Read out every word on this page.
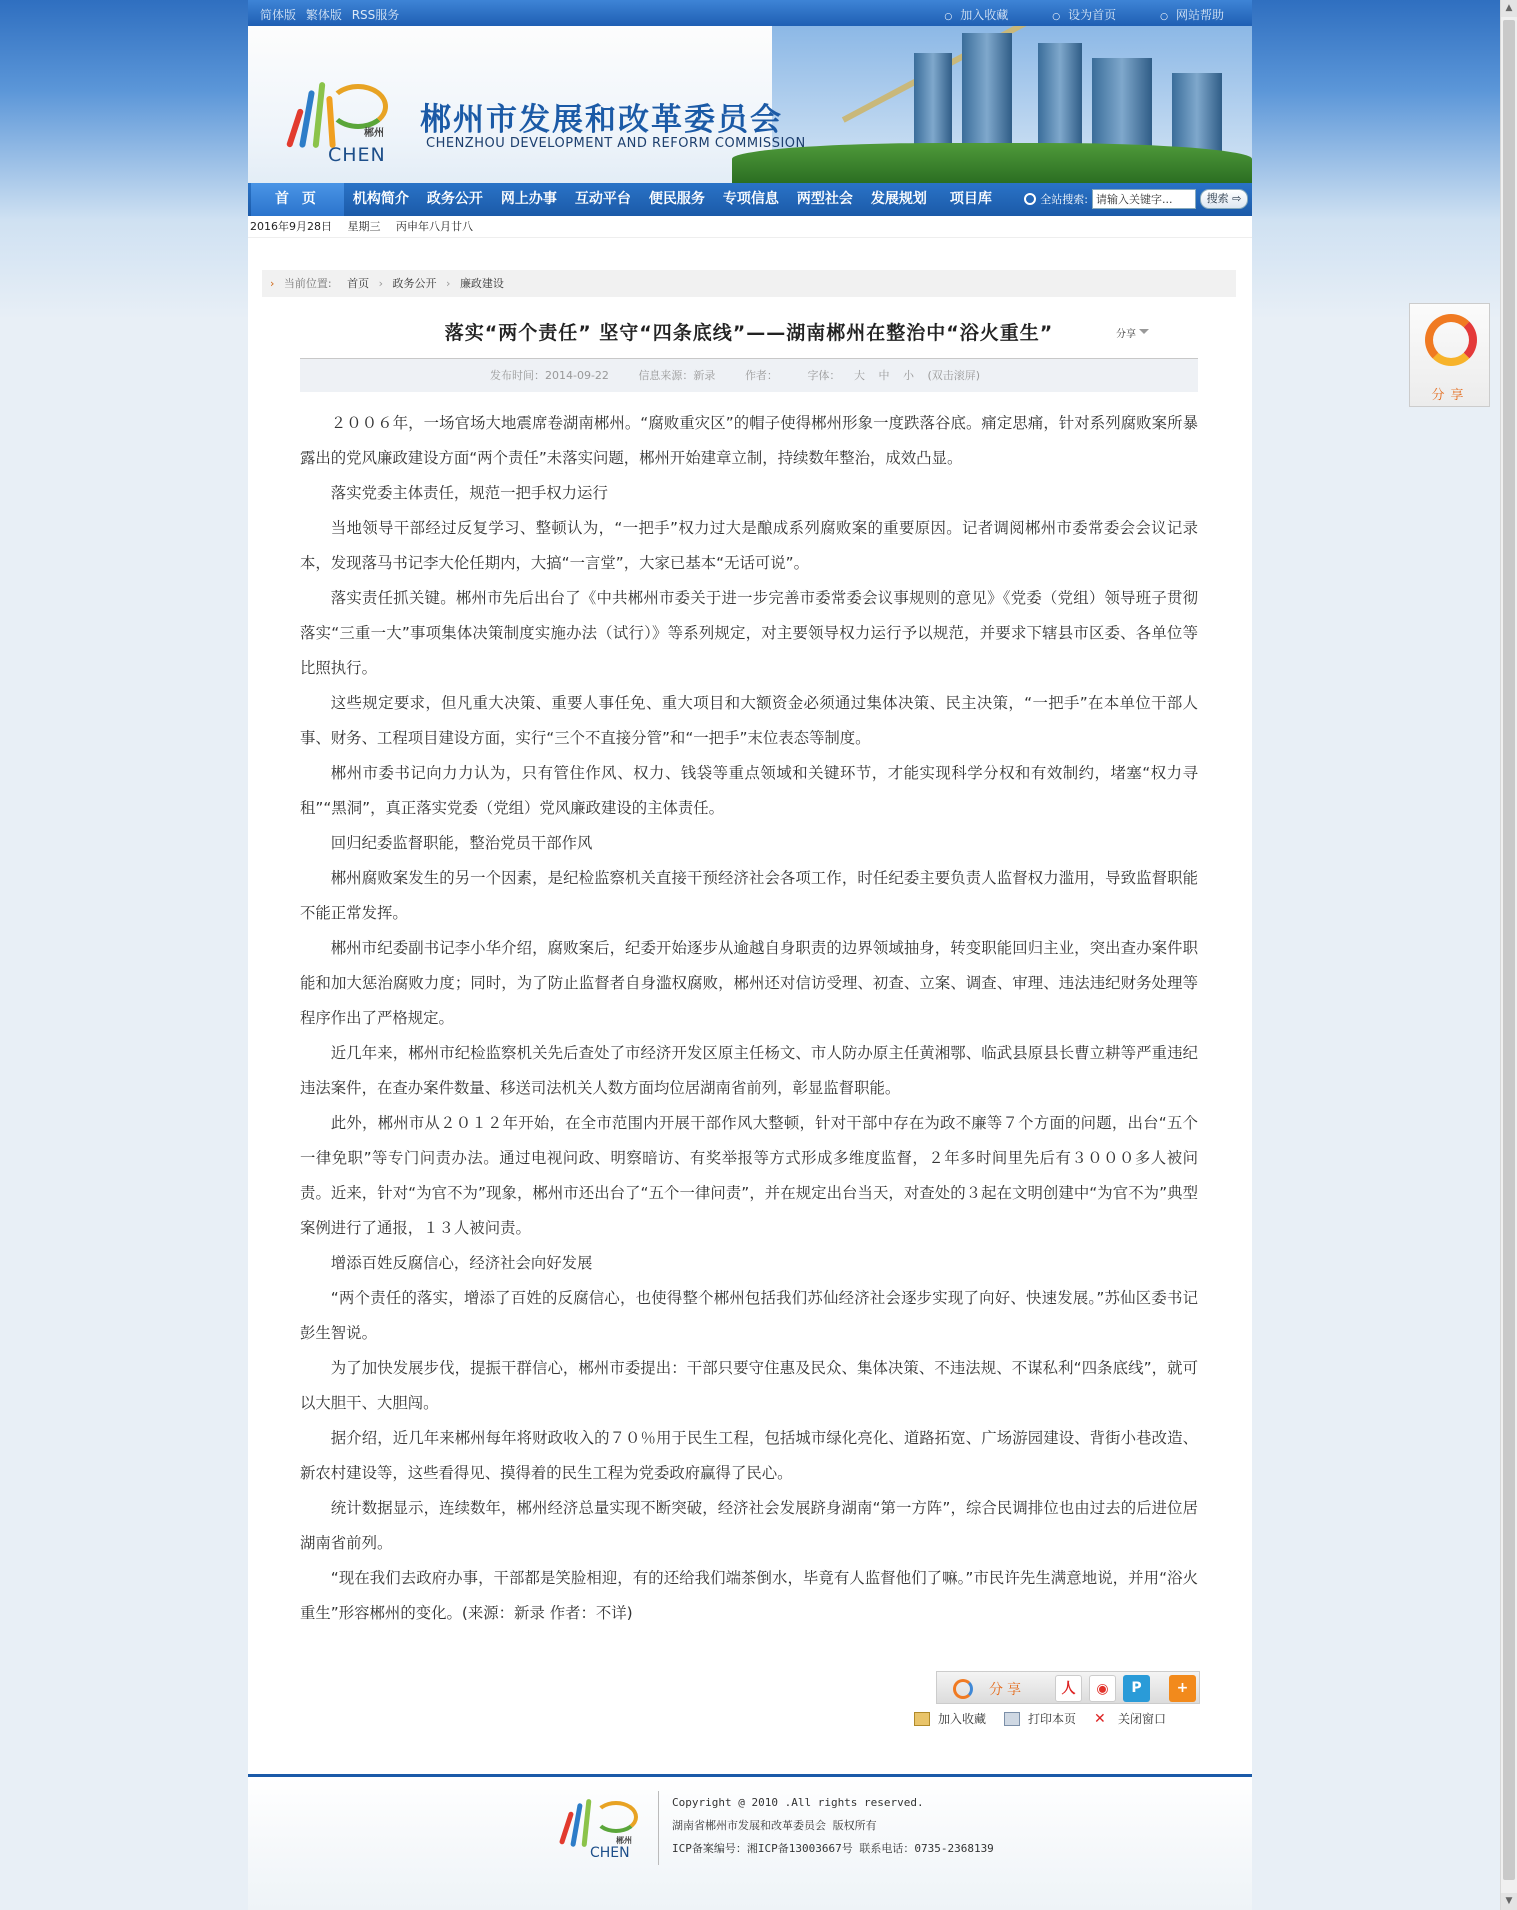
▲
▼
简体版 繁体版 RSS服务	○ 加入收藏	○ 设为首页	○ 网站帮助
郴州
CHEN
郴州市发展和改革委员会
CHENZHOU DEVELOPMENT AND REFORM COMMISSION
首 页	机构简介	政务公开	网上办事	互动平台	便民服务	专项信息	两型社会	发展规划	项目库	全站搜索:
请输入关键字...	搜索 ⇨
2016年9月28日 星期三 丙申年八月廿八
› 当前位置: 首页 › 政务公开 › 廉政建设
落实“两个责任” 坚守“四条底线”——湖南郴州在整治中“浴火重生”	分享
发布时间：2014-09-22	信息来源：新录	作者：	字体： 大 中 小 (双击滚屏)

２００６年，一场官场大地震席卷湖南郴州。“腐败重灾区”的帽子使得郴州形象一度跌落谷底。痛定思痛，针对系列腐败案所暴露出的党风廉政建设方面“两个责任”未落实问题，郴州开始建章立制，持续数年整治，成效凸显。

落实党委主体责任，规范一把手权力运行

当地领导干部经过反复学习、整顿认为，“一把手”权力过大是酿成系列腐败案的重要原因。记者调阅郴州市委常委会会议记录本，发现落马书记李大伦任期内，大搞“一言堂”，大家已基本“无话可说”。

落实责任抓关键。郴州市先后出台了《中共郴州市委关于进一步完善市委常委会议事规则的意见》《党委（党组）领导班子贯彻落实“三重一大”事项集体决策制度实施办法（试行）》等系列规定，对主要领导权力运行予以规范，并要求下辖县市区委、各单位等比照执行。

这些规定要求，但凡重大决策、重要人事任免、重大项目和大额资金必须通过集体决策、民主决策，“一把手”在本单位干部人事、财务、工程项目建设方面，实行“三个不直接分管”和“一把手”末位表态等制度。

郴州市委书记向力力认为，只有管住作风、权力、钱袋等重点领域和关键环节，才能实现科学分权和有效制约，堵塞“权力寻租”“黑洞”，真正落实党委（党组）党风廉政建设的主体责任。

回归纪委监督职能，整治党员干部作风

郴州腐败案发生的另一个因素，是纪检监察机关直接干预经济社会各项工作，时任纪委主要负责人监督权力滥用，导致监督职能不能正常发挥。

郴州市纪委副书记李小华介绍，腐败案后，纪委开始逐步从逾越自身职责的边界领域抽身，转变职能回归主业，突出查办案件职能和加大惩治腐败力度；同时，为了防止监督者自身滥权腐败，郴州还对信访受理、初查、立案、调查、审理、违法违纪财务处理等程序作出了严格规定。

近几年来，郴州市纪检监察机关先后查处了市经济开发区原主任杨文、市人防办原主任黄湘鄂、临武县原县长曹立耕等严重违纪违法案件，在查办案件数量、移送司法机关人数方面均位居湖南省前列，彰显监督职能。

此外，郴州市从２０１２年开始，在全市范围内开展干部作风大整顿，针对干部中存在为政不廉等７个方面的问题，出台“五个一律免职”等专门问责办法。通过电视问政、明察暗访、有奖举报等方式形成多维度监督，２年多时间里先后有３０００多人被问责。近来，针对“为官不为”现象，郴州市还出台了“五个一律问责”，并在规定出台当天，对查处的３起在文明创建中“为官不为”典型案例进行了通报，１３人被问责。

增添百姓反腐信心，经济社会向好发展

“两个责任的落实，增添了百姓的反腐信心，也使得整个郴州包括我们苏仙经济社会逐步实现了向好、快速发展。”苏仙区委书记彭生智说。

为了加快发展步伐，提振干群信心，郴州市委提出：干部只要守住惠及民众、集体决策、不违法规、不谋私利“四条底线”，就可以大胆干、大胆闯。

据介绍，近几年来郴州每年将财政收入的７０％用于民生工程，包括城市绿化亮化、道路拓宽、广场游园建设、背街小巷改造、新农村建设等，这些看得见、摸得着的民生工程为党委政府赢得了民心。

统计数据显示，连续数年，郴州经济总量实现不断突破，经济社会发展跻身湖南“第一方阵”，综合民调排位也由过去的后进位居湖南省前列。

“现在我们去政府办事，干部都是笑脸相迎，有的还给我们端茶倒水，毕竟有人监督他们了嘛。”市民许先生满意地说，并用“浴火重生”形容郴州的变化。(来源：新录 作者：不详)

分享	人	◉	P	+
加入收藏	打印本页 ✕	关闭窗口
郴州
CHEN
Copyright @ 2010 .All rights reserved.
湖南省郴州市发展和改革委员会 版权所有
ICP备案编号：湘ICP备13003667号 联系电话：0735-2368139
分享
